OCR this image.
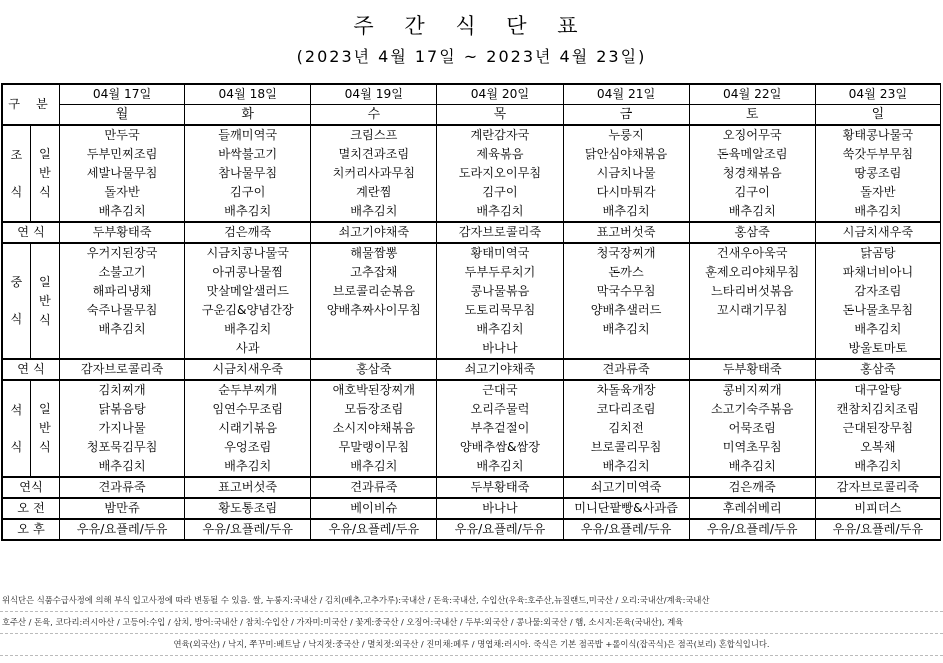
주 간 식 단 표
(2023년 4월 17일 ~ 2023년 4월 23일)
구 분		04월 17일	04월 18일	04월 19일	04월 20일	04월 21일	04월 22일	04월 23일
		월	화	수	목	금	토	일

조
식	일
반
식	만두국	들깨미역국	크림스프	계란감자국	누룽지	오징어무국	황태콩나물국
		두부민찌조림	바싹불고기	멸치견과조림	제육볶음	닭안심야채볶음	돈육메알조림	쑥갓두부무침
		세발나물무침	참나물무침	치커리사과무침	도라지오이무침	시금치나물	청경채볶음	땅콩조림
		돌자반	김구이	계란찜	김구이	다시마튀각	김구이	돌자반
		배추김치	배추김치	배추김치	배추김치	배추김치	배추김치	배추김치
연 식		두부황태죽	검은깨죽	쇠고기야채죽	감자브로콜리죽	표고버섯죽	홍삼죽	시금치새우죽

중
식	일
반
식	우거지된장국	시금치콩나물국	해물짬뽕	황태미역국	청국장찌개	건새우아욱국	닭곰탕
		소불고기	아귀콩나물찜	고추잡채	두부두루치기	돈까스	훈제오리야채무침	파채너비아니
		해파리냉채	맛살메알샐러드	브로콜리순볶음	콩나물볶음	막국수무침	느타리버섯볶음	감자조림
		숙주나물무침	구운김&양념간장	양배추짜사이무침	도토리묵무침	양배추샐러드	꼬시래기무침	돈나물초무침
		배추김치	배추김치		배추김치	배추김치		배추김치
			사과		바나나			방울토마토
연 식		감자브로콜리죽	시금치새우죽	홍삼죽	쇠고기야채죽	견과류죽	두부황태죽	홍삼죽

석
식	일
반
식	김치찌개	순두부찌개	애호박된장찌개	근대국	차돌육개장	콩비지찌개	대구알탕
		닭볶음탕	임연수무조림	모듬장조림	오리주물럭	코다리조림	소고기숙주볶음	캔참치김치조림
		가지나물	시래기볶음	소시지야채볶음	부추겉절이	김치전	어묵조림	근대된장무침
		청포묵김무침	우엉조림	무말랭이무침	양배추쌈&쌈장	브로콜리무침	미역초무침	오복채
		배추김치	배추김치	배추김치	배추김치	배추김치	배추김치	배추김치
연식		견과류죽	표고버섯죽	견과류죽	두부황태죽	쇠고기미역죽	검은깨죽	감자브로콜리죽
오 전		밤만쥬	황도통조림	베이비슈	바나나	미니단팥빵&사과즙	후레쉬베리	비피더스
오 후		우유/요플레/두유	우유/요플레/두유	우유/요플레/두유	우유/요플레/두유	우유/요플레/두유	우유/요플레/두유	우유/요플레/두유
위식단은 식품수급사정에 의해 부식 입고사정에 따라 변동될 수 있음. 쌀, 누룽지:국내산 / 김치(배추,고추가루):국내산 / 돈육:국내산, 수입산(우육:호주산,뉴질랜드,미국산 / 오리:국내산/계육:국내산
호주산 / 돈육, 코다리:러시아산 / 고등어:수입 / 삼치, 방어:국내산 / 참치:수입산 / 가자미:미국산 / 꽃게:중국산 / 오징어:국내산 / 두부:외국산 / 콩나물:외국산 / 햄, 소시지:돈육(국내산), 계육
연육(외국산) / 낙지, 쭈꾸미:베트남 / 낙지젓:중국산 / 멸치젓:외국산 / 진미채:페루 / 명엽채:러시아. 죽식은 기본 점곡밥 +롤이식(잡곡식)은 점곡(보리) 혼합식입니다.
